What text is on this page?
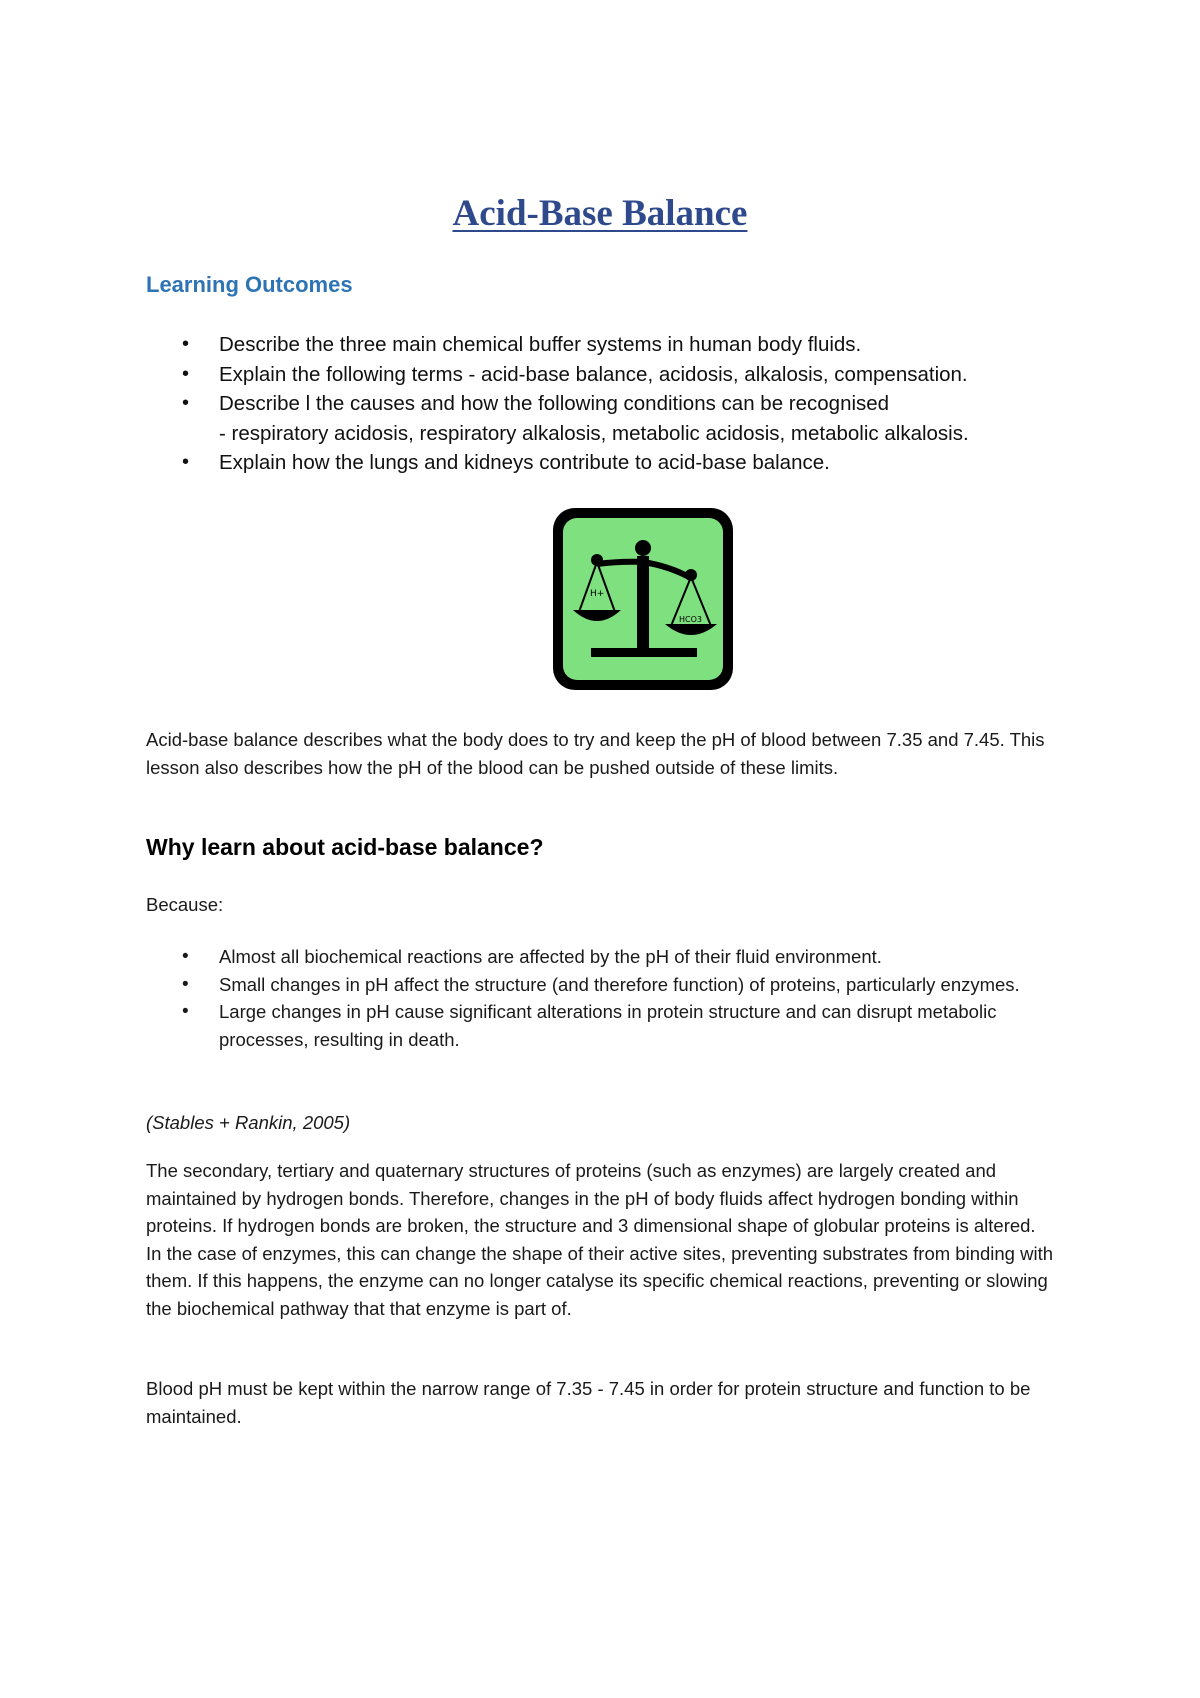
Acid-Base Balance
Learning Outcomes
• Describe the three main chemical buffer systems in human body fluids.
• Explain the following terms - acid-base balance, acidosis, alkalosis, compensation.
• Describe l the causes and how the following conditions can be recognised
- respiratory acidosis, respiratory alkalosis, metabolic acidosis, metabolic alkalosis.
• Explain how the lungs and kidneys contribute to acid-base balance.
H+
HCO3

Acid-base balance describes what the body does to try and keep the pH of blood between 7.35 and 7.45. This lesson also describes how the pH of the blood can be pushed outside of these limits.

Why learn about acid-base balance?

Because:

• Almost all biochemical reactions are affected by the pH of their fluid environment.
• Small changes in pH affect the structure (and therefore function) of proteins, particularly enzymes.
• Large changes in pH cause significant alterations in protein structure and can disrupt metabolic processes, resulting in death.

(Stables + Rankin, 2005)

The secondary, tertiary and quaternary structures of proteins (such as enzymes) are largely created and maintained by hydrogen bonds. Therefore, changes in the pH of body fluids affect hydrogen bonding within proteins. If hydrogen bonds are broken, the structure and 3 dimensional shape of globular proteins is altered. In the case of enzymes, this can change the shape of their active sites, preventing substrates from binding with them. If this happens, the enzyme can no longer catalyse its specific chemical reactions, preventing or slowing the biochemical pathway that that enzyme is part of.

Blood pH must be kept within the narrow range of 7.35 - 7.45 in order for protein structure and function to be maintained.
